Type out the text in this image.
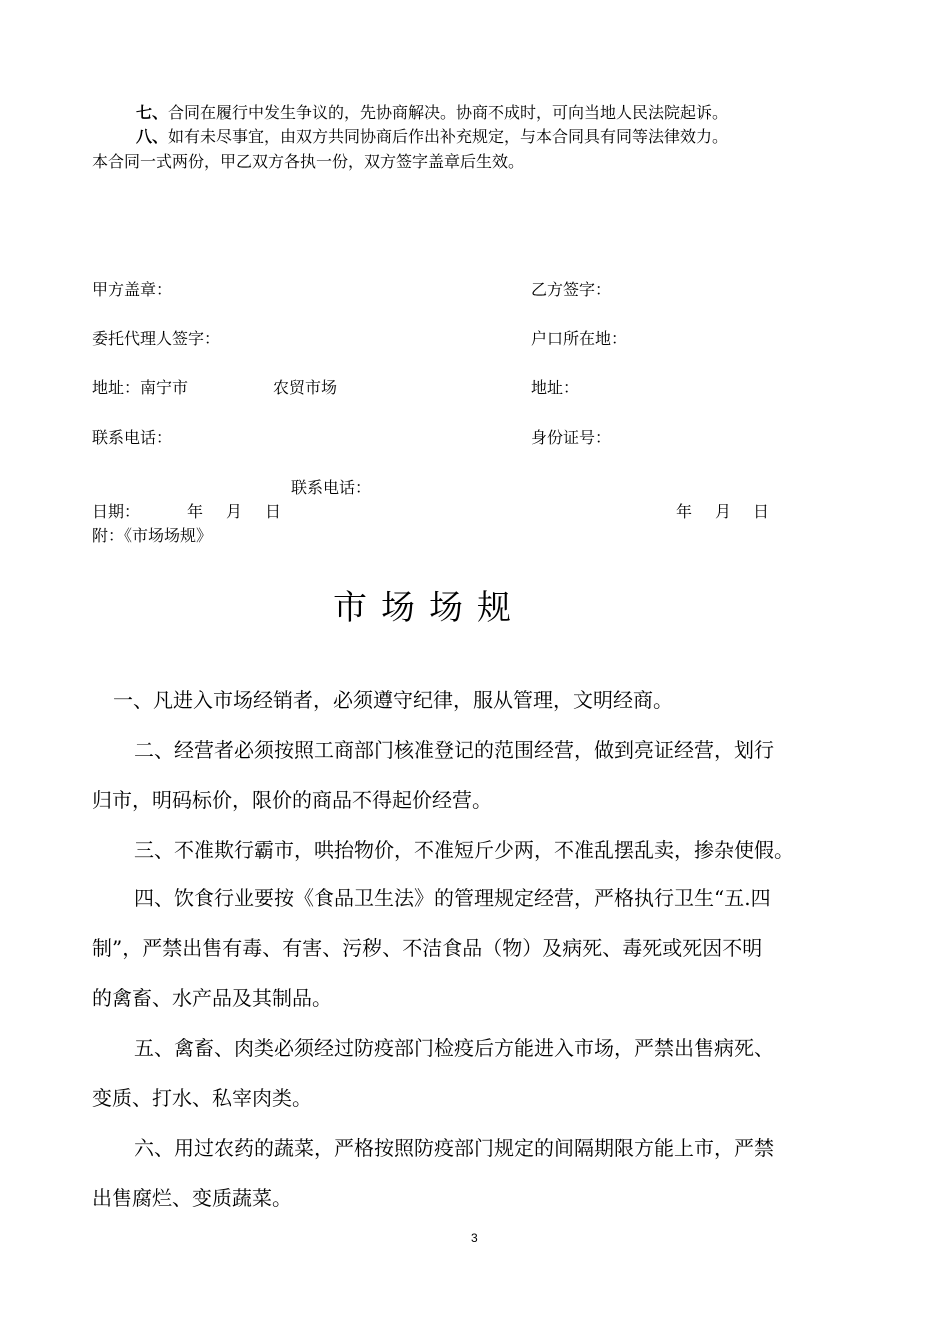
七、合同在履行中发生争议的，先协商解决。协商不成时，可向当地人民法院起诉。
八、如有未尽事宜，由双方共同协商后作出补充规定，与本合同具有同等法律效力。
本合同一式两份，甲乙双方各执一份，双方签字盖章后生效。
甲方盖章：
委托代理人签字：
地址：南宁市	农贸市场
联系电话：
日期：	年 月 日
附：《市场场规》
乙方签字：
户口所在地：
地址：
身份证号：
联系电话：
年 月 日
市场场规
一、凡进入市场经销者，必须遵守纪律，服从管理，文明经商。
二、经营者必须按照工商部门核准登记的范围经营，做到亮证经营，划行
归市，明码标价，限价的商品不得起价经营。
三、不准欺行霸市，哄抬物价，不准短斤少两，不准乱摆乱卖，掺杂使假。
四、饮食行业要按《食品卫生法》的管理规定经营，严格执行卫生“五.四
制”，严禁出售有毒、有害、污秽、不洁食品（物）及病死、毒死或死因不明
的禽畜、水产品及其制品。
五、禽畜、肉类必须经过防疫部门检疫后方能进入市场，严禁出售病死、
变质、打水、私宰肉类。
六、用过农药的蔬菜，严格按照防疫部门规定的间隔期限方能上市，严禁
出售腐烂、变质蔬菜。
3
